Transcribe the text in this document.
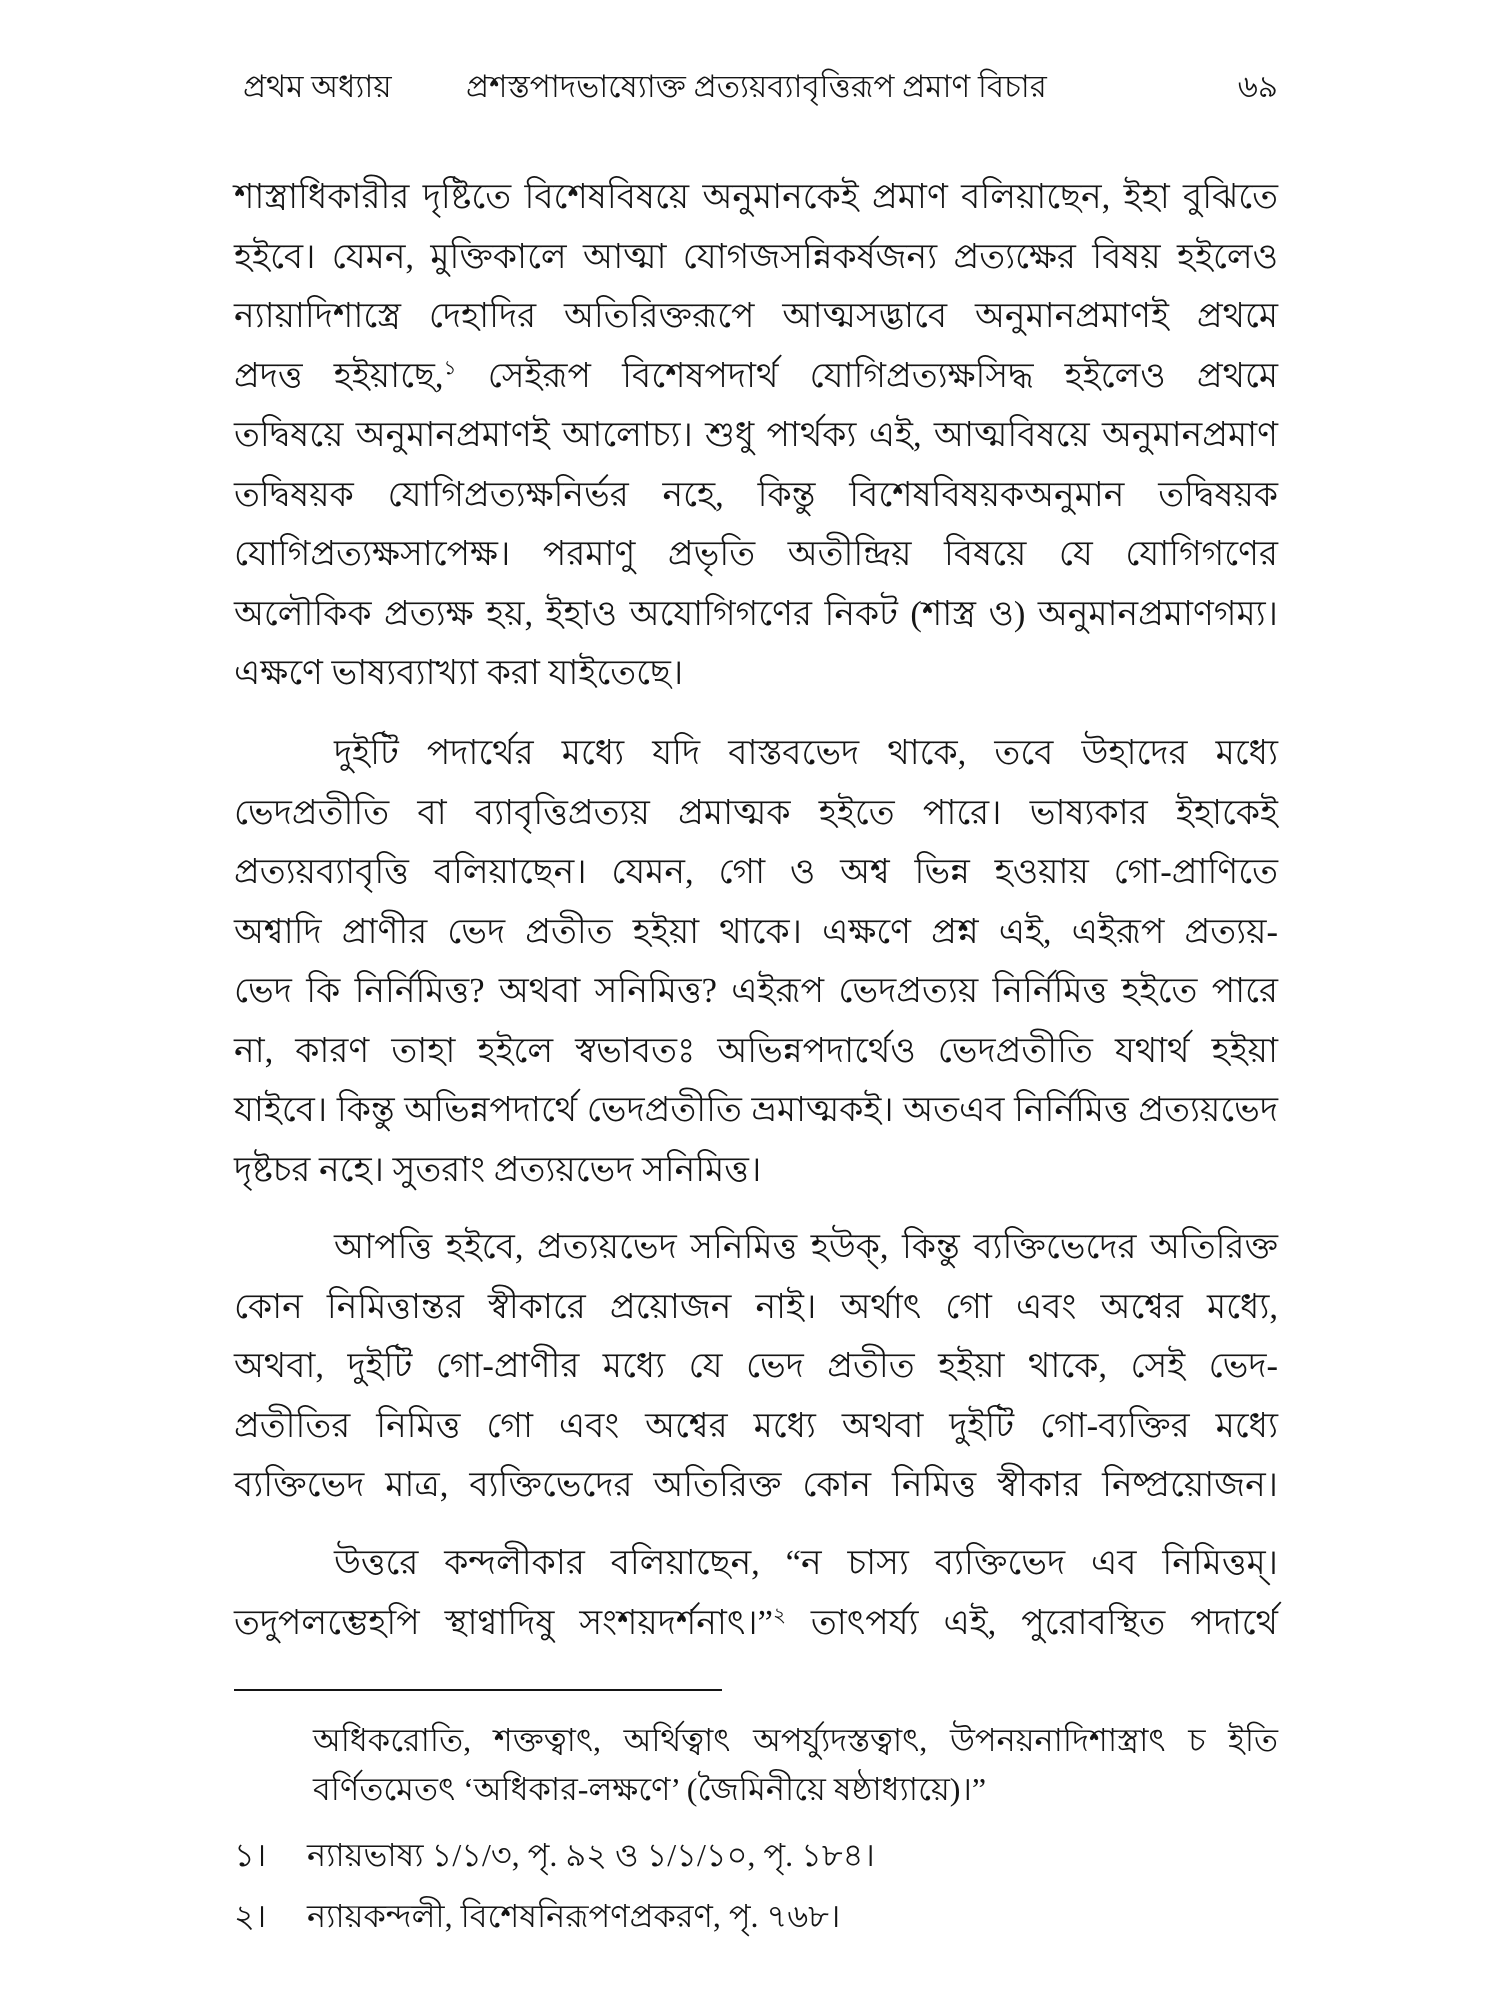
প্রথম অধ্যায় প্রশস্তপাদভাষ্যোক্ত প্রত্যয়ব্যাবৃত্তিরূপ প্রমাণ বিচার	৬৯
শাস্ত্রাধিকারীর দৃষ্টিতে বিশেষবিষয়ে অনুমানকেই প্রমাণ বলিয়াছেন, ইহা বুঝিতে
হইবে। যেমন, মুক্তিকালে আত্মা যোগজসন্নিকর্ষজন্য প্রত্যক্ষের বিষয় হইলেও
ন্যায়াদিশাস্ত্রে দেহাদির অতিরিক্তরূপে আত্মসদ্ভাবে অনুমানপ্রমাণই প্রথমে
প্রদত্ত হইয়াছে,$^১$ সেইরূপ বিশেষপদার্থ যোগিপ্রত্যক্ষসিদ্ধ হইলেও প্রথমে
তদ্বিষয়ে অনুমানপ্রমাণই আলোচ্য। শুধু পার্থক্য এই, আত্মবিষয়ে অনুমানপ্রমাণ
তদ্বিষয়ক যোগিপ্রত্যক্ষনির্ভর নহে, কিন্তু বিশেষবিষয়কঅনুমান তদ্বিষয়ক
যোগিপ্রত্যক্ষসাপেক্ষ। পরমাণু প্রভৃতি অতীন্দ্রিয় বিষয়ে যে যোগিগণের
অলৌকিক প্রত্যক্ষ হয়, ইহাও অযোগিগণের নিকট (শাস্ত্র ও) অনুমানপ্রমাণগম্য।
এক্ষণে ভাষ্যব্যাখ্যা করা যাইতেছে।
দুইটি পদার্থের মধ্যে যদি বাস্তবভেদ থাকে, তবে উহাদের মধ্যে
ভেদপ্রতীতি বা ব্যাবৃত্তিপ্রত্যয় প্রমাত্মক হইতে পারে। ভাষ্যকার ইহাকেই
প্রত্যয়ব্যাবৃত্তি বলিয়াছেন। যেমন, গো ও অশ্ব ভিন্ন হওয়ায় গো-প্রাণিতে
অশ্বাদি প্রাণীর ভেদ প্রতীত হইয়া থাকে। এক্ষণে প্রশ্ন এই, এইরূপ প্রত্যয়-
ভেদ কি নির্নিমিত্ত? অথবা সনিমিত্ত? এইরূপ ভেদপ্রত্যয় নির্নিমিত্ত হইতে পারে
না, কারণ তাহা হইলে স্বভাবতঃ অভিন্নপদার্থেও ভেদপ্রতীতি যথার্থ হইয়া
যাইবে। কিন্তু অভিন্নপদার্থে ভেদপ্রতীতি ভ্রমাত্মকই। অতএব নির্নিমিত্ত প্রত্যয়ভেদ
দৃষ্টচর নহে। সুতরাং প্রত্যয়ভেদ সনিমিত্ত।
আপত্তি হইবে, প্রত্যয়ভেদ সনিমিত্ত হউক্, কিন্তু ব্যক্তিভেদের অতিরিক্ত
কোন নিমিত্তান্তর স্বীকারে প্রয়োজন নাই। অর্থাৎ গো এবং অশ্বের মধ্যে,
অথবা, দুইটি গো-প্রাণীর মধ্যে যে ভেদ প্রতীত হইয়া থাকে, সেই ভেদ-
প্রতীতির নিমিত্ত গো এবং অশ্বের মধ্যে অথবা দুইটি গো-ব্যক্তির মধ্যে
ব্যক্তিভেদ মাত্র, ব্যক্তিভেদের অতিরিক্ত কোন নিমিত্ত স্বীকার নিষ্প্রয়োজন।
উত্তরে কন্দলীকার বলিয়াছেন, “ন চাস্য ব্যক্তিভেদ এব নিমিত্তম্।
তদুপলম্ভেহপি স্থাণ্বাদিষু সংশয়দর্শনাৎ।”$^২$ তাৎপর্য্য এই, পুরোবস্থিত পদার্থে
অধিকরোতি, শক্তত্বাৎ, অর্থিত্বাৎ অপর্য্যুদস্তত্বাৎ, উপনয়নাদিশাস্ত্রাৎ চ ইতি
বর্ণিতমেতৎ ‘অধিকার-লক্ষণে’ (জৈমিনীয়ে ষষ্ঠাধ্যায়ে)।”
১। ন্যায়ভাষ্য ১/১/৩, পৃ. ৯২ ও ১/১/১০, পৃ. ১৮৪।
২। ন্যায়কন্দলী, বিশেষনিরূপণপ্রকরণ, পৃ. ৭৬৮।
